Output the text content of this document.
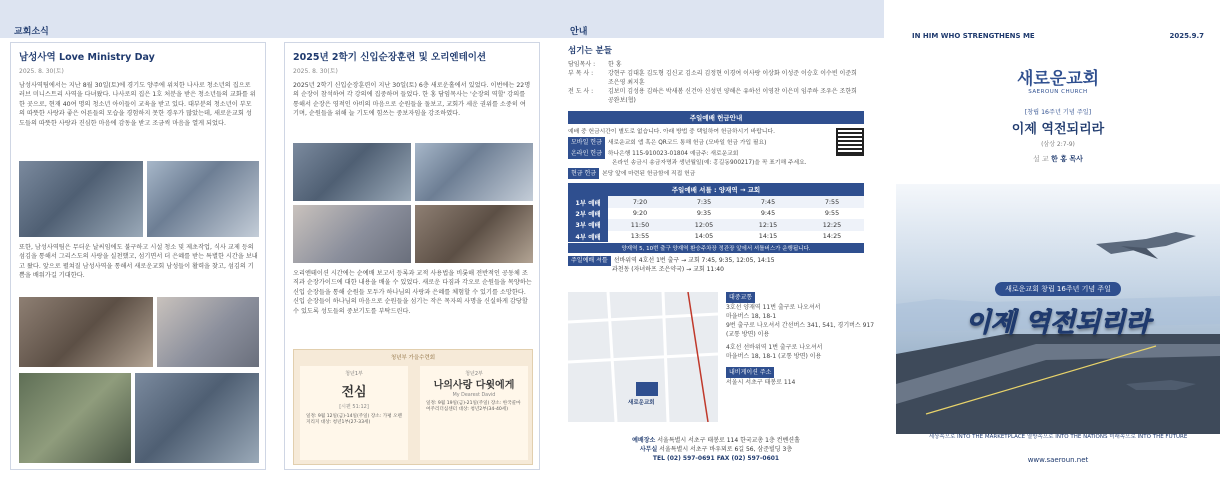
교회소식
남성사역 Love Ministry Day
2025. 8. 30(토)
남성사역팀에서는 지난 8월 30일(토)에 경기도 양주에 위치한 나사로 청소년의 집으로 러브 미니스트리 사역을 다녀왔다. 나사로의 집은 1호 처분을 받은 청소년들의 교화를 위한 곳으로, 현재 40여 명의 청소년 아이들이 교육을 받고 있다. 대부분의 청소년이 부모의 따뜻한 사랑과 좋은 어른들의 모습을 경험하지 못한 경우가 많았는데, 새로운교회 성도들의 따뜻한 사랑과 진심한 마음에 감동을 받고 조금씩 마음을 열게 되었다.
또한, 남성사역팀은 무더운 날씨임에도 불구하고 시설 청소 및 제초작업, 식사 교제 등의 섬김을 통해서 그리스도의 사랑을 실천했고, 섬기면서 더 은혜를 받는 특별한 시간을 보내고 왔다. 앞으로 펼쳐질 남성사역을 통해서 새로운교회 남성들이 활력을 찾고, 섬김의 기쁨을 배워가길 기대한다.
2025년 2학기 신입순장훈련 및 오리엔테이션
2025. 8. 30(토)
2025년 2학기 신입순장훈련이 지난 30일(토) 6층 새로운홀에서 있었다. 이번에는 22명의 순장이 참석하여 각 강의에 집중하며 들었다. 한 홍 담임목사는 '순장의 역할' 강의를 통해서 순장은 영적인 아비의 마음으로 순원들을 돌보고, 교회가 세운 권위를 소중히 여기며, 순원들을 위해 늘 기도에 힘쓰는 중보자임을 강조하였다.
오리엔테이션 시간에는 순예배 보고서 등록과 교적 사용법을 비롯해 전반적인 공동체 조직과 순장가이드에 대한 내용을 배울 수 있었다. 새로운 다짐과 각오로 순원들을 목양하는 신입 순장들을 통해 순원들 모두가 하나님의 사랑과 은혜를 체험할 수 있기를 소망한다. 신입 순장들이 하나님의 마음으로 순원들을 섬기는 작은 목자의 사명을 신실하게 감당할 수 있도록 성도들의 중보기도를 부탁드린다.
청년부 가을수련회
청년1부
전심
[시편 51:12]
일정: 9월 12일(금)-14일(주일) 장소: 가평 오렌지리지 대상: 청년1부(27-33세)
청년2부
나의사랑 다윗에게
My Dearest David
일정: 9월 19일(금)-21일(주일) 장소: 한국콜마 여주리더십센터 대상: 청년2부(34-40세)
안내
섬기는 분들
담임목사 :	한 홍
부 목 사 :	강현구 김대훈 김도형 김신교 김소리 김정현 이경여 이사랑 이상화 이성준 이승호 이수빈 이준희 조은영 최지훈
전 도 사 :	김보미 김성용 김하은 박새봄 신건아 신성민 양해은 유하선 이영찬 이은미 임주하 조우은 조한희 공완보(협)
주일예배 헌금안내
예배 중 헌금시간이 별도로 없습니다. 아래 방법 중 택일하여 헌금하시기 바랍니다.
모바일 헌금 새로운교회 앱 혹은 QR코드 통해 헌금 (모바일 헌금 가입 필요)
온라인 헌금 하나은행 115-910023-01804 예금주: 새로운교회
온라인 송금시 송금자명과 생년월일(예: 홍길동900217)을 꼭 표기해 주세요.
현금 헌금 본당 앞에 마련된 헌금함에 직접 헌금
주일예배 셔틀 : 양재역 → 교회
1부 예배	7:20	7:35	7:45	7:55
2부 예배	9:20	9:35	9:45	9:55
3부 예배	11:50	12:05	12:15	12:25
4부 예배	13:55	14:05	14:15	14:25
양재역 5, 10번 출구 양재역 환승주차장 정관장 앞에서 셔틀버스가 운행됩니다.
주일예배 셔틀 선바위역 4호선 1번 출구 → 교회 7:45, 9:35, 12:05, 14:15
과천동 (자녀하프 조은약국) → 교회 11:40
새로운교회
대중교통
3호선 양재역 11번 출구로 나오셔서
마을버스 18, 18-1
9번 출구로 나오셔서 간선버스 341, 541, 경기버스 917 (교통 방면) 이용
4호선 선바위역 1번 출구로 나오셔서
마을버스 18, 18-1 (교통 방면) 이용
내비게이션 주소
서울시 서초구 태봉로 114
예배장소 서울특별시 서초구 태봉로 114 한국교총 1층 컨벤션홀
사무실 서울특별시 서초구 바우뫼로 6길 56, 삼준빌딩 3층
TEL (02) 597-0691 FAX (02) 597-0601
IN HIM WHO STRENGTHENS ME	2025.9.7
새로운교회
SAEROUN CHURCH
[창립 16주년 기념 주일]
이제 역전되리라
(삼상 2:7-9)
설 교 한 홍 목사
새로운교회 창립 16주년 기념 주일
이제 역전되리라
세상속으로 INTO THE MARKETPLACE 열방속으로 INTO THE NATIONS 미래속으로 INTO THE FUTURE
www.saeroun.net
